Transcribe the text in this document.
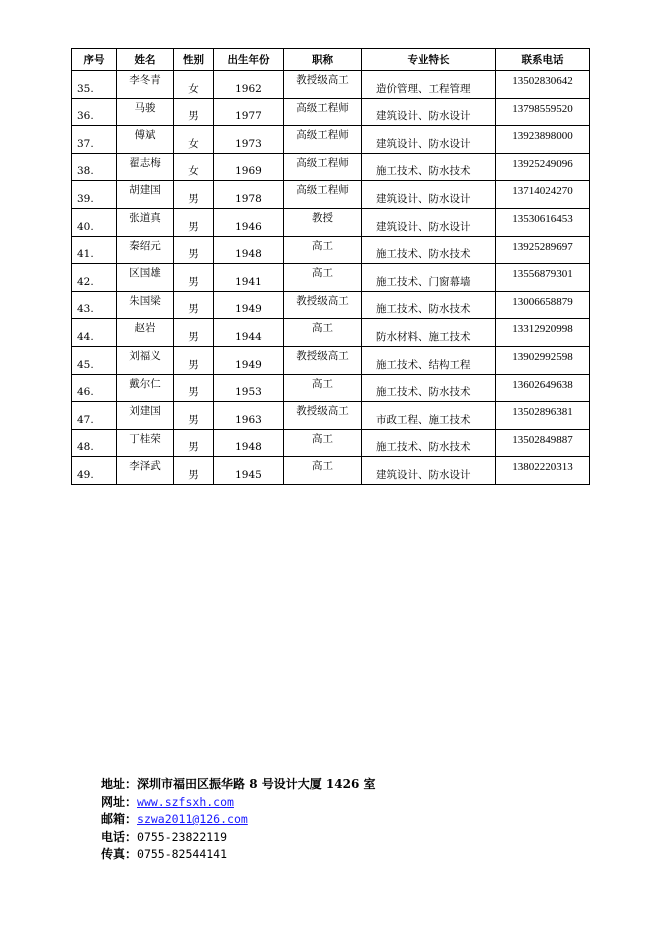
序号	姓名	性别	出生年份	职称	专业特长	联系电话
35.	李冬青	女	1962	教授级高工	造价管理、工程管理	13502830642
36.	马骏	男	1977	高级工程师	建筑设计、防水设计	13798559520
37.	傅斌	女	1973	高级工程师	建筑设计、防水设计	13923898000
38.	翟志梅	女	1969	高级工程师	施工技术、防水技术	13925249096
39.	胡建国	男	1978	高级工程师	建筑设计、防水设计	13714024270
40.	张道真	男	1946	教授	建筑设计、防水设计	13530616453
41.	秦绍元	男	1948	高工	施工技术、防水技术	13925289697
42.	区国雄	男	1941	高工	施工技术、门窗幕墙	13556879301
43.	朱国梁	男	1949	教授级高工	施工技术、防水技术	13006658879
44.	赵岩	男	1944	高工	防水材料、施工技术	13312920998
45.	刘福义	男	1949	教授级高工	施工技术、结构工程	13902992598
46.	戴尔仁	男	1953	高工	施工技术、防水技术	13602649638
47.	刘建国	男	1963	教授级高工	市政工程、施工技术	13502896381
48.	丁桂荣	男	1948	高工	施工技术、防水技术	13502849887
49.	李泽武	男	1945	高工	建筑设计、防水设计	13802220313
地址：深圳市福田区振华路 8 号设计大厦 1426 室
网址：www.szfsxh.com
邮箱：szwa2011@126.com
电话：0755-23822119
传真：0755-82544141
